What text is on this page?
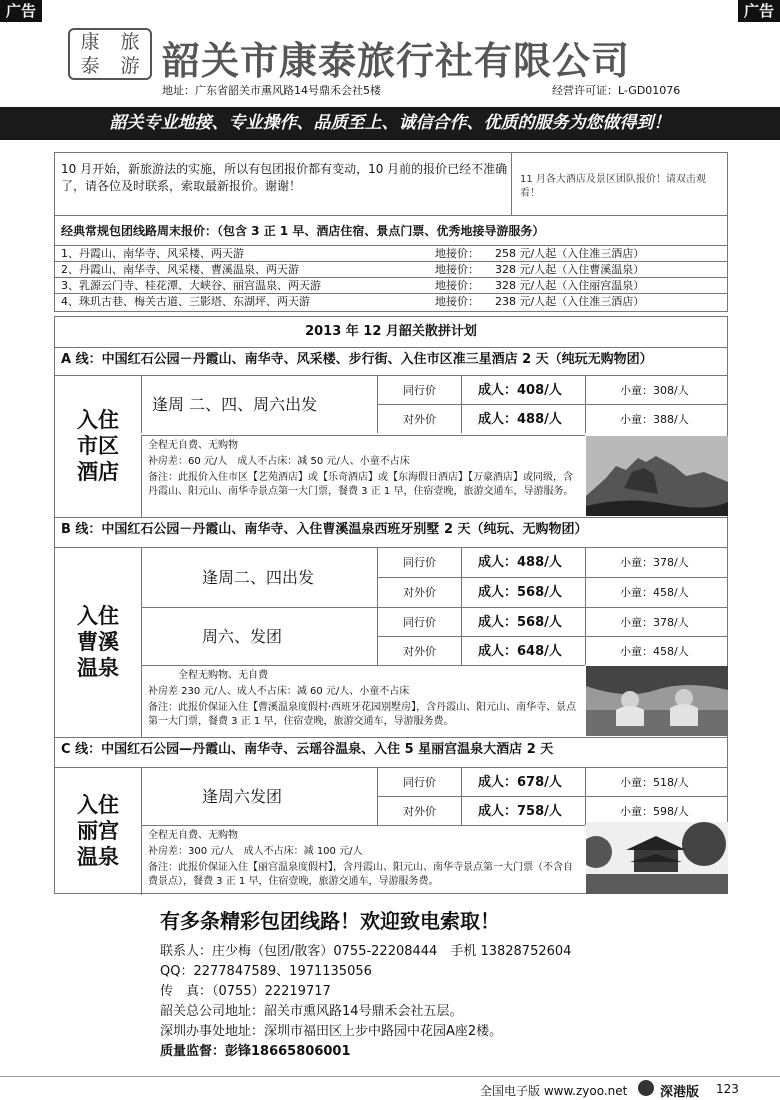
广告	广告
康	旅
泰	游 韶关市康泰旅行社有限公司
地址：广东省韶关市熏风路14号鼎禾会社5楼	经营许可证：L-GD01076
韶关专业地接、专业操作、品质至上、诚信合作、优质的服务为您做得到！
10 月开始，新旅游法的实施，所以有包团报价都有变动，10 月前的报价已经不准确了，请各位及时联系，索取最新报价。谢谢！	11 月各大酒店及景区团队报价！请双击观看！
经典常规包团线路周末报价：（包含 3 正 1 早、酒店住宿、景点门票、优秀地接导游服务）
1、丹霞山、南华寺、风采楼、两天游	地接价： 258 元/人起（入住准三酒店）
2、丹霞山、南华寺、风采楼、曹溪温泉、两天游	地接价： 328 元/人起（入住曹溪温泉）
3、乳源云门寺、桂花潭、大峡谷、丽宫温泉、两天游	地接价： 328 元/人起（入住丽宫温泉）
4、珠玑古巷、梅关古道、三影塔、东湖坪、两天游	地接价： 238 元/人起（入住准三酒店）
2013 年 12 月韶关散拼计划
A 线：中国红石公园－丹霞山、南华寺、风采楼、步行街、入住市区准三星酒店 2 天（纯玩无购物团）
入住
市区
酒店
逢周 二、四、周六出发
同行价	成人：408/人	小童：308/人
对外价	成人：488/人	小童：388/人
全程无自费、无购物
补房差：60 元/人　成人不占床：减 50 元/人、小童不占床
备注：此报价入住市区【艺苑酒店】或【乐奇酒店】或【东海假日酒店】【万豪酒店】或同级，含丹霞山、阳元山、南华寺景点第一大门票，餐费 3 正 1 早，住宿壹晚，旅游交通车，导游服务。
B 线：中国红石公园－丹霞山、南华寺、入住曹溪温泉西班牙别墅 2 天（纯玩、无购物团）
入住
曹溪
温泉
逢周二、四出发
同行价	成人：488/人	小童：378/人
对外价	成人：568/人	小童：458/人
周六、发团
同行价	成人：568/人	小童：378/人
对外价	成人：648/人	小童：458/人
全程无购物、无自费
补房差 230 元/人、成人不占床：减 60 元/人、小童不占床
备注：此报价保证入住【曹溪温泉度假村·西班牙花园别墅房】，含丹霞山、阳元山、南华寺、景点第一大门票，餐费 3 正 1 早，住宿壹晚，旅游交通车，导游服务费。
C 线：中国红石公园—丹霞山、南华寺、云瑶谷温泉、入住 5 星丽宫温泉大酒店 2 天
入住
丽宫
温泉
逢周六发团
同行价	成人：678/人	小童：518/人
对外价	成人：758/人	小童：598/人
全程无自费、无购物
补房差：300 元/人　成人不占床：减 100 元/人
备注：此报价保证入住【丽宫温泉度假村】，含丹霞山、阳元山、南华寺景点第一大门票（不含自费景点），餐费 3 正 1 早，住宿壹晚，旅游交通车，导游服务费。
有多条精彩包团线路！欢迎致电索取！
联系人：庄少梅（包团/散客）0755-22208444　手机 13828752604
QQ：2277847589、1971135056
传　真：（0755）22219717
韶关总公司地址：韶关市熏风路14号鼎禾会社五层。
深圳办事处地址：深圳市福田区上步中路园中花园A座2楼。
质量监督：彭锋18665806001
全国电子版 www.zyoo.net	深港版 123
